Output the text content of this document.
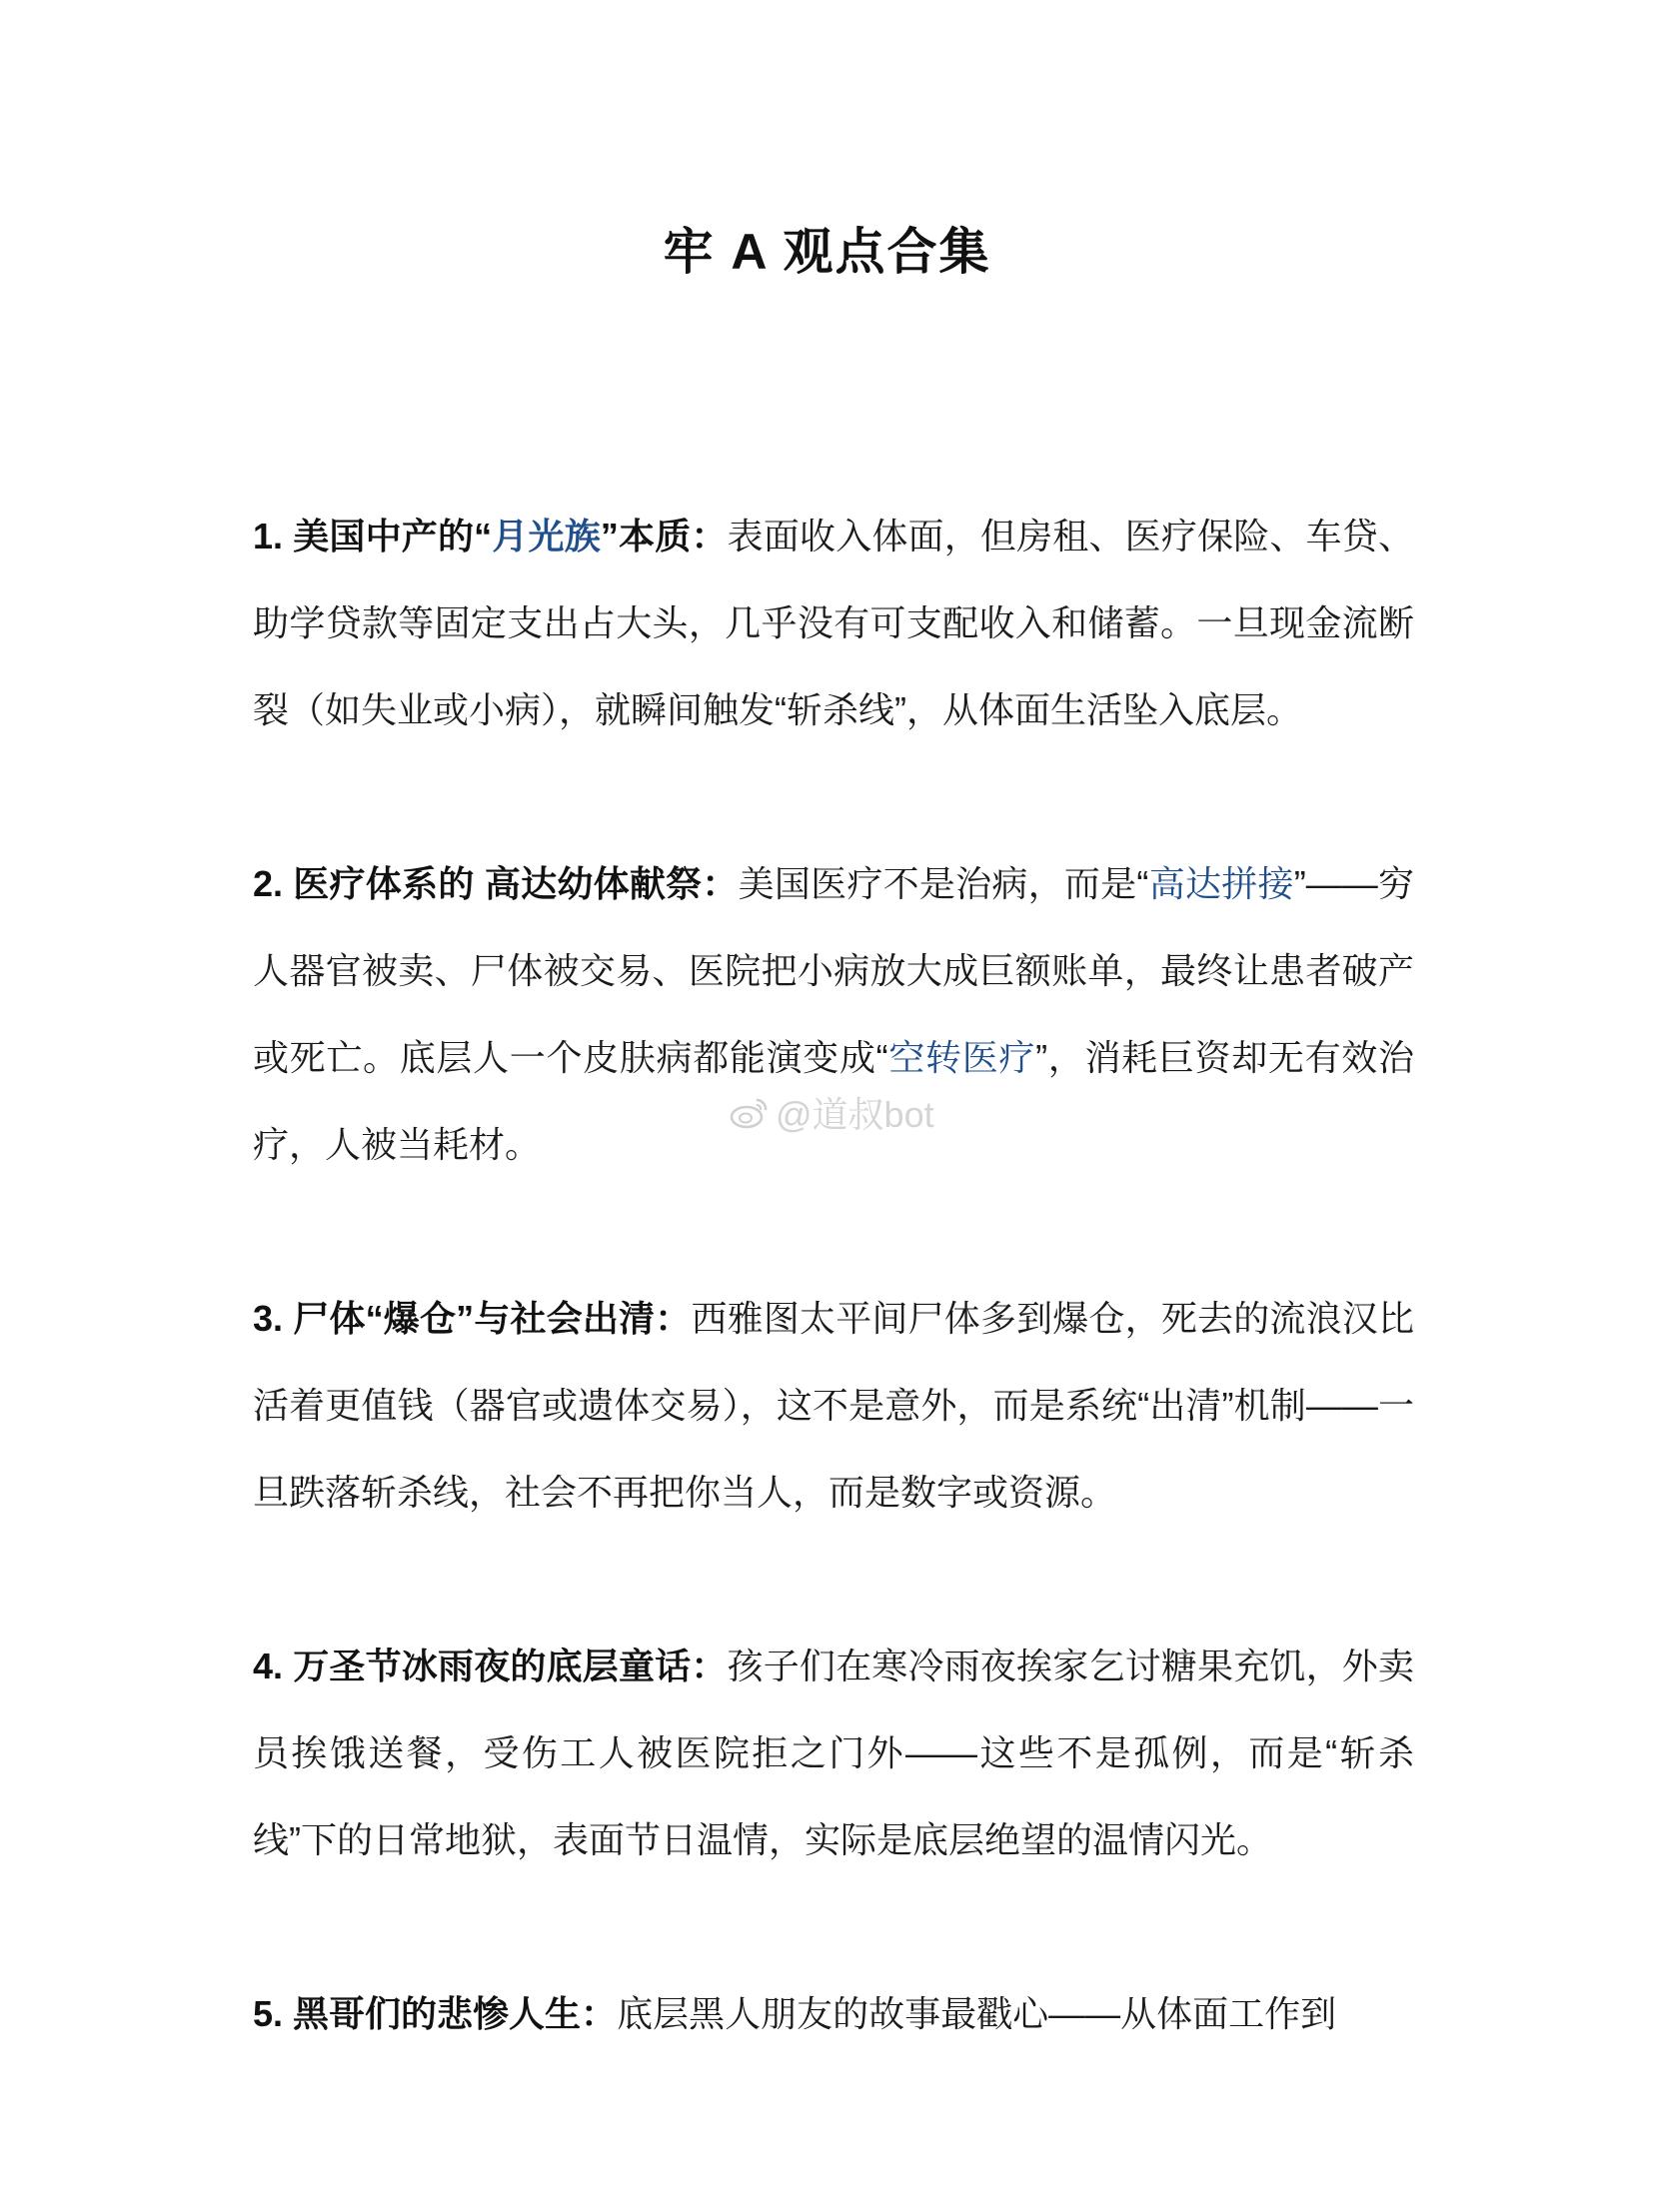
牢 A 观点合集

1. 美国中产的“月光族”本质：表面收入体面，但房租、医疗保险、车贷、助学贷款等固定支出占大头，几乎没有可支配收入和储蓄。一旦现金流断裂（如失业或小病），就瞬间触发“斩杀线”，从体面生活坠入底层。

2. 医疗体系的 高达幼体献祭：美国医疗不是治病，而是“高达拼接”——穷人器官被卖、尸体被交易、医院把小病放大成巨额账单，最终让患者破产或死亡。底层人一个皮肤病都能演变成“空转医疗”，消耗巨资却无有效治疗，人被当耗材。

3. 尸体“爆仓”与社会出清：西雅图太平间尸体多到爆仓，死去的流浪汉比活着更值钱（器官或遗体交易），这不是意外，而是系统“出清”机制——一旦跌落斩杀线，社会不再把你当人，而是数字或资源。

4. 万圣节冰雨夜的底层童话：孩子们在寒冷雨夜挨家乞讨糖果充饥，外卖员挨饿送餐，受伤工人被医院拒之门外——这些不是孤例，而是“斩杀线”下的日常地狱，表面节日温情，实际是底层绝望的温情闪光。

5. 黑哥们的悲惨人生：底层黑人朋友的故事最戳心——从体面工作到

@道叔bot
